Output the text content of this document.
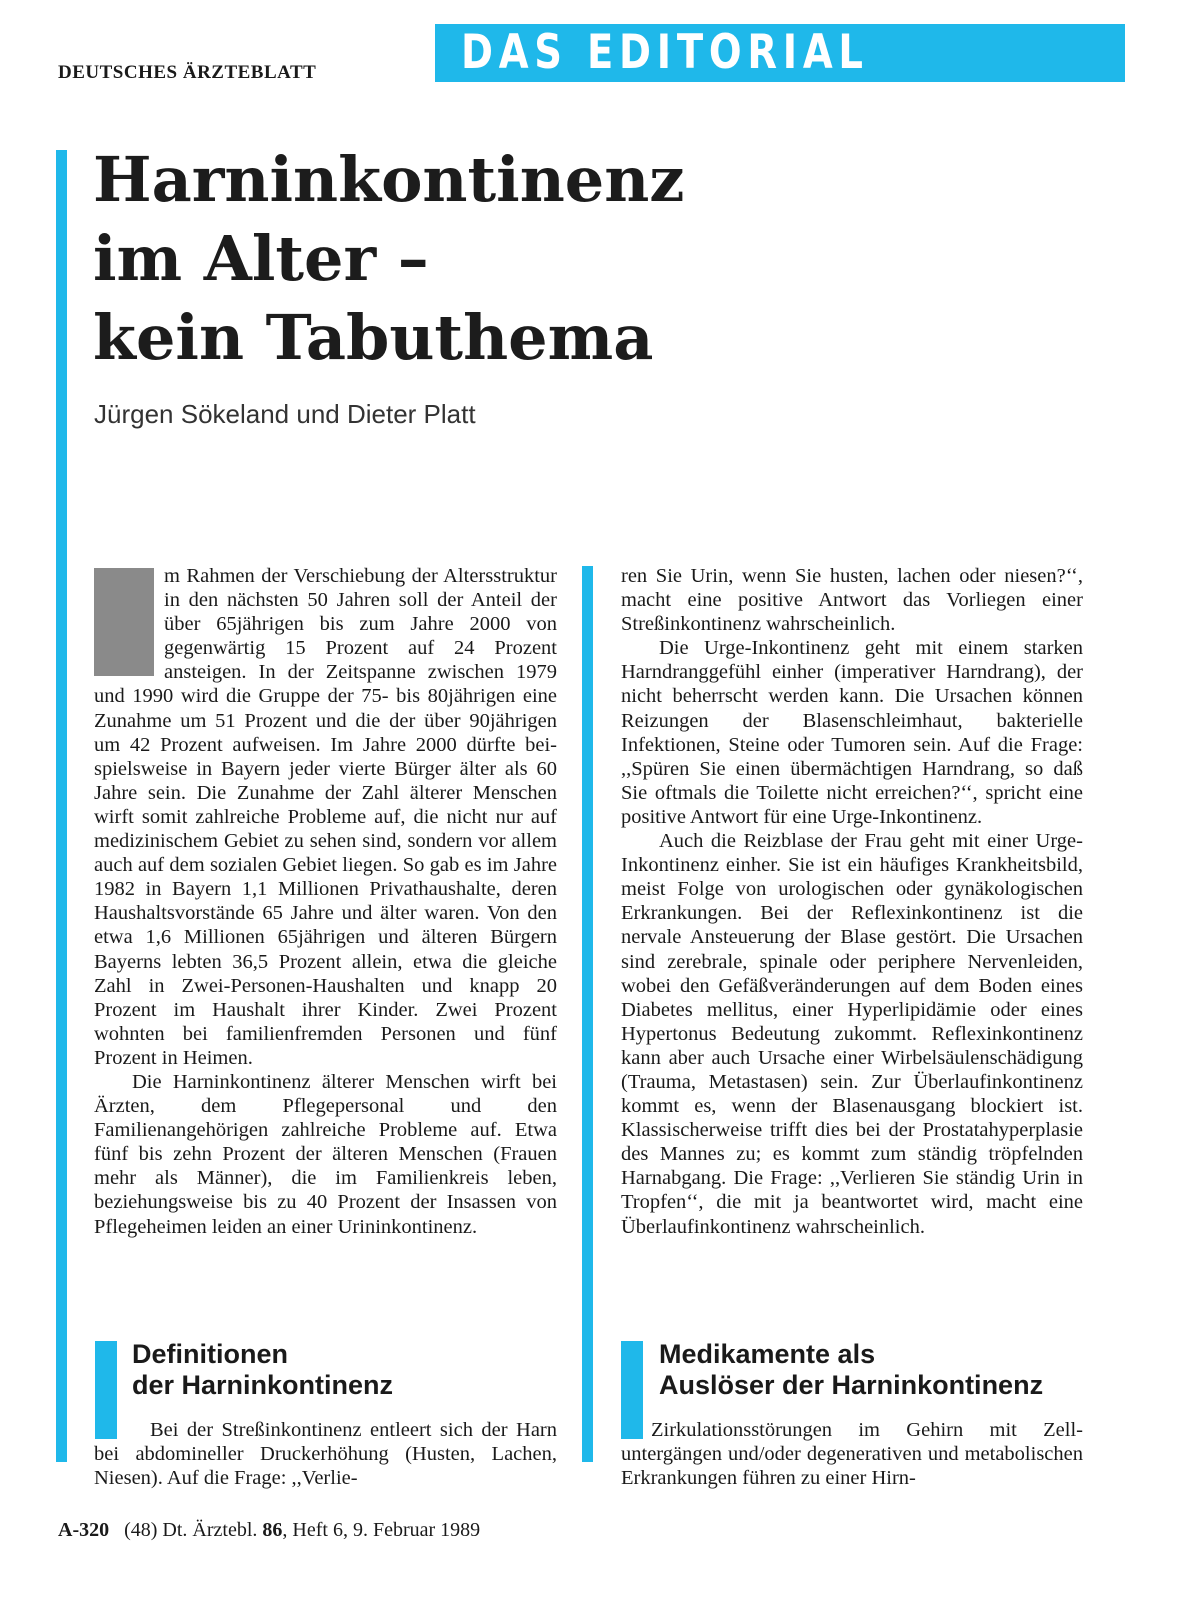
DEUTSCHES ÄRZTEBLATT	DAS EDITORIAL
Harninkontinenz
im Alter –
kein Tabuthema

Jürgen Sökeland und Dieter Platt

m Rahmen der Verschiebung der Altersstruktur in den nächsten 50 Jahren soll der Anteil der über 65jährigen bis zum Jahre 2000 von gegenwärtig 15 Prozent auf 24 Prozent ansteigen. In der Zeitspanne zwischen 1979 und 1990 wird die Gruppe der 75- bis 80jährigen eine Zunahme um 51 Prozent und die der über 90jährigen um 42 Prozent aufweisen. Im Jahre 2000 dürfte beispielsweise in Bayern jeder vierte Bürger älter als 60 Jahre sein. Die Zunahme der Zahl älterer Menschen wirft somit zahlreiche Probleme auf, die nicht nur auf medizinischem Gebiet zu sehen sind, sondern vor allem auch auf dem sozialen Gebiet liegen. So gab es im Jahre 1982 in Bayern 1,1 Millionen Privathaushalte, deren Haushaltsvorstände 65 Jahre und älter waren. Von den etwa 1,6 Millionen 65jährigen und älteren Bürgern Bayerns lebten 36,5 Prozent allein, etwa die gleiche Zahl in Zwei-Personen-Haushalten und knapp 20 Prozent im Haushalt ihrer Kinder. Zwei Prozent wohnten bei familienfremden Personen und fünf Prozent in Heimen.

Die Harninkontinenz älterer Menschen wirft bei Ärzten, dem Pflegepersonal und den Familienangehörigen zahlreiche Probleme auf. Etwa fünf bis zehn Prozent der älteren Menschen (Frauen mehr als Männer), die im Familienkreis leben, beziehungsweise bis zu 40 Prozent der Insassen von Pflegeheimen leiden an einer Urininkontinenz.

Definitionen
der Harninkontinenz

Bei der Streßinkontinenz entleert sich der Harn bei abdomineller Druckerhöhung (Husten, Lachen, Niesen). Auf die Frage: ,,Verlie-

ren Sie Urin, wenn Sie husten, lachen oder niesen?‘‘, macht eine positive Antwort das Vorliegen einer Streßinkontinenz wahrscheinlich.

Die Urge-Inkontinenz geht mit einem starken Harndranggefühl einher (imperativer Harndrang), der nicht beherrscht werden kann. Die Ursachen können Reizungen der Blasenschleimhaut, bakterielle Infektionen, Steine oder Tumoren sein. Auf die Frage: ,,Spüren Sie einen übermächtigen Harndrang, so daß Sie oftmals die Toilette nicht erreichen?‘‘, spricht eine positive Antwort für eine Urge-Inkontinenz.

Auch die Reizblase der Frau geht mit einer Urge-Inkontinenz einher. Sie ist ein häufiges Krankheitsbild, meist Folge von urologischen oder gynäkologischen Erkrankungen. Bei der Reflexinkontinenz ist die nervale Ansteuerung der Blase gestört. Die Ursachen sind zerebrale, spinale oder periphere Nervenleiden, wobei den Gefäßveränderungen auf dem Boden eines Diabetes mellitus, einer Hyperlipidämie oder eines Hypertonus Bedeutung zukommt. Reflexinkontinenz kann aber auch Ursache einer Wirbelsäulenschädigung (Trauma, Metastasen) sein. Zur Überlaufinkontinenz kommt es, wenn der Blasenausgang blockiert ist. Klassischerweise trifft dies bei der Prostatahyperplasie des Mannes zu; es kommt zum ständig tröpfelnden Harnabgang. Die Frage: ,,Verlieren Sie ständig Urin in Tropfen‘‘, die mit ja beantwortet wird, macht eine Überlaufinkontinenz wahrscheinlich.

Medikamente als
Auslöser der Harninkontinenz

Zirkulationsstörungen im Gehirn mit Zelluntergängen und/oder degenerativen und metabolischen Erkrankungen führen zu einer Hirn-

A-320 (48) Dt. Ärztebl. 86, Heft 6, 9. Februar 1989
